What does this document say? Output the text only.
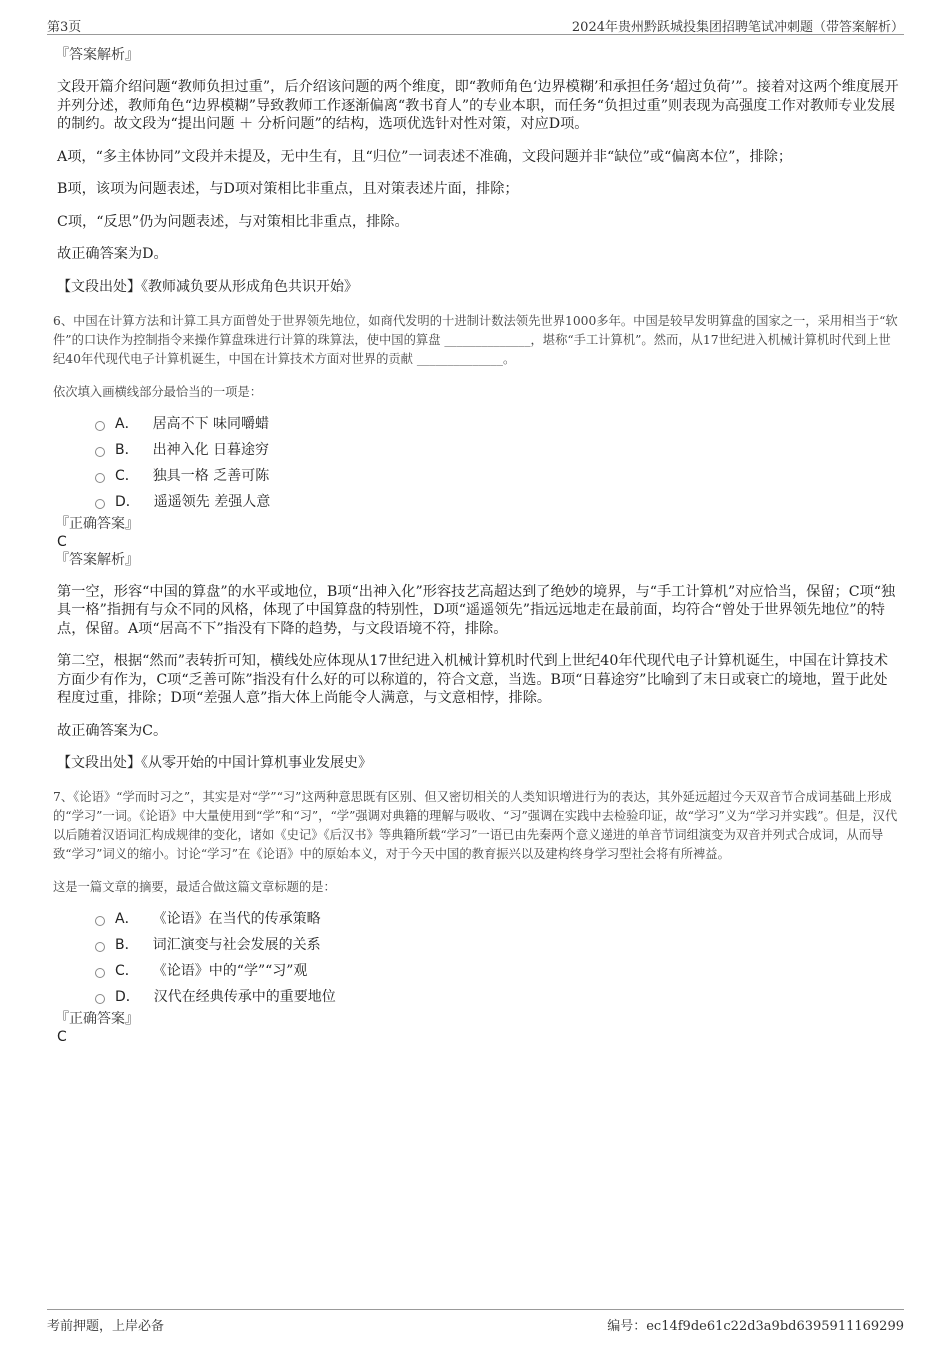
第3页	2024年贵州黔跃城投集团招聘笔试冲刺题（带答案解析）
『答案解析』

文段开篇介绍问题“教师负担过重”，后介绍该问题的两个维度，即“教师角色‘边界模糊’和承担任务‘超过负荷’”。接着对这两个维度展开并列分述，教师角色“边界模糊”导致教师工作逐渐偏离“教书育人”的专业本职，而任务“负担过重”则表现为高强度工作对教师专业发展的制约。故文段为“提出问题 ＋ 分析问题”的结构，选项优选针对性对策，对应D项。

A项，“多主体协同”文段并未提及，无中生有，且“归位”一词表述不准确，文段问题并非“缺位”或“偏离本位”，排除；

B项，该项为问题表述，与D项对策相比非重点，且对策表述片面，排除；

C项，“反思”仍为问题表述，与对策相比非重点，排除。

故正确答案为D。

【文段出处】《教师减负要从形成角色共识开始》

6、中国在计算方法和计算工具方面曾处于世界领先地位，如商代发明的十进制计数法领先世界1000多年。中国是较早发明算盘的国家之一，采用相当于“软件”的口诀作为控制指令来操作算盘珠进行计算的珠算法，使中国的算盘 ______________，堪称“手工计算机”。然而，从17世纪进入机械计算机时代到上世纪40年代现代电子计算机诞生，中国在计算技术方面对世界的贡献 ______________。

依次填入画横线部分最恰当的一项是：
A． 居高不下 味同嚼蜡
B． 出神入化 日暮途穷
C． 独具一格 乏善可陈
D． 遥遥领先 差强人意
『正确答案』
C
『答案解析』

第一空，形容“中国的算盘”的水平或地位，B项“出神入化”形容技艺高超达到了绝妙的境界，与“手工计算机”对应恰当，保留；C项“独具一格”指拥有与众不同的风格，体现了中国算盘的特别性，D项“遥遥领先”指远远地走在最前面，均符合“曾处于世界领先地位”的特点，保留。A项“居高不下”指没有下降的趋势，与文段语境不符，排除。

第二空，根据“然而”表转折可知，横线处应体现从17世纪进入机械计算机时代到上世纪40年代现代电子计算机诞生，中国在计算技术方面少有作为，C项“乏善可陈”指没有什么好的可以称道的，符合文意，当选。B项“日暮途穷”比喻到了末日或衰亡的境地，置于此处程度过重，排除；D项“差强人意”指大体上尚能令人满意，与文意相悖，排除。

故正确答案为C。

【文段出处】《从零开始的中国计算机事业发展史》

7、《论语》“学而时习之”，其实是对“学”“习”这两种意思既有区别、但又密切相关的人类知识增进行为的表达，其外延远超过今天双音节合成词基础上形成的“学习”一词。《论语》中大量使用到“学”和“习”，“学”强调对典籍的理解与吸收、“习”强调在实践中去检验印证，故“学习”义为“学习并实践”。但是，汉代以后随着汉语词汇构成规律的变化，诸如《史记》《后汉书》等典籍所载“学习”一语已由先秦两个意义递进的单音节词组演变为双音并列式合成词，从而导致“学习”词义的缩小。讨论“学习”在《论语》中的原始本义，对于今天中国的教育振兴以及建构终身学习型社会将有所裨益。

这是一篇文章的摘要，最适合做这篇文章标题的是：
A． 《论语》在当代的传承策略
B． 词汇演变与社会发展的关系
C． 《论语》中的“学”“习”观
D． 汉代在经典传承中的重要地位
『正确答案』
C
考前押题，上岸必备	编号：ec14f9de61c22d3a9bd6395911169299
